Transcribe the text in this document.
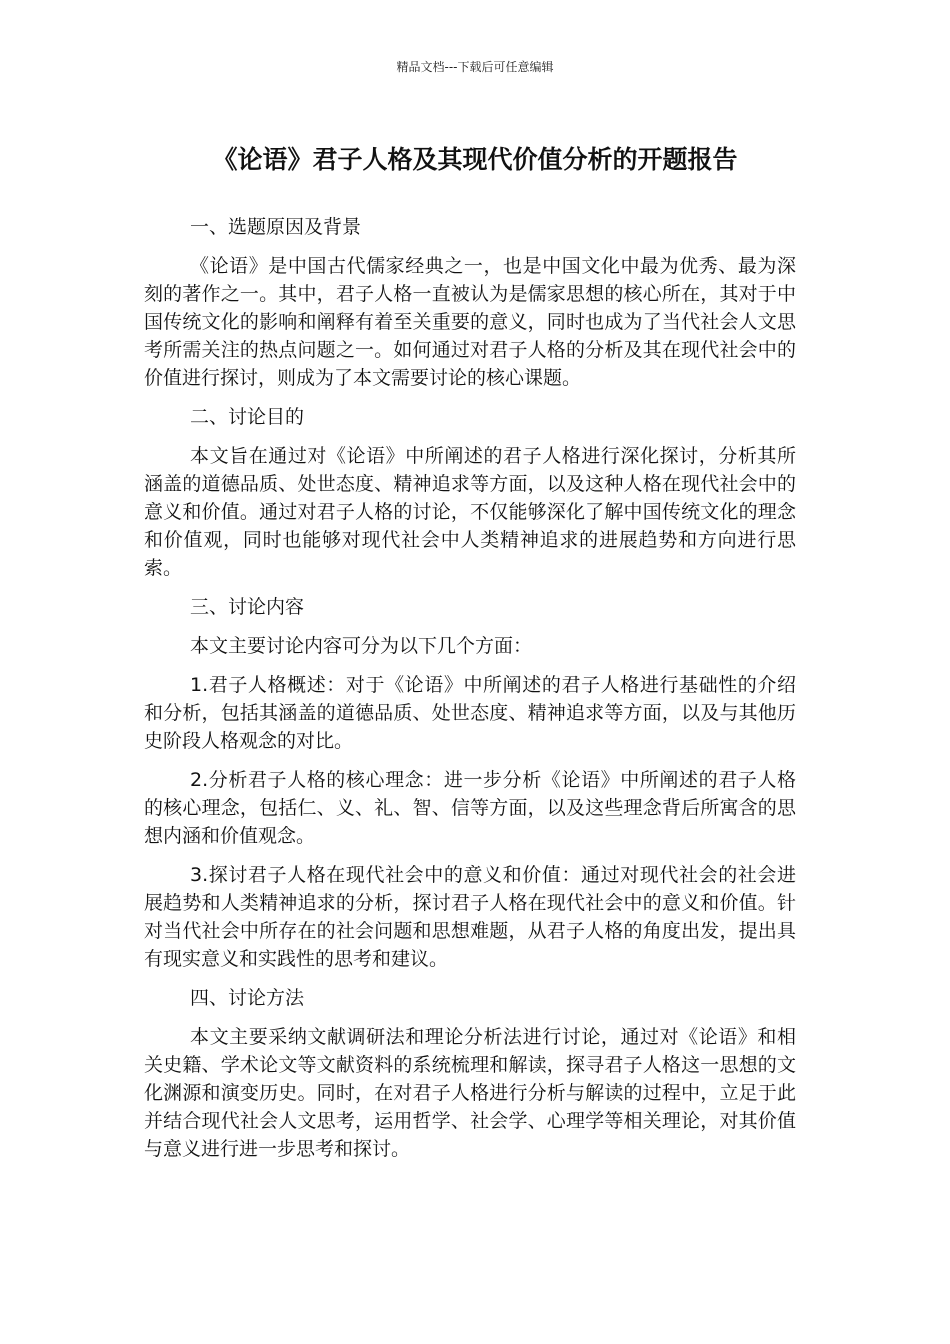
精品文档---下载后可任意编辑
《论语》君子人格及其现代价值分析的开题报告
一、选题原因及背景

《论语》是中国古代儒家经典之一，也是中国文化中最为优秀、最为深刻的著作之一。其中，君子人格一直被认为是儒家思想的核心所在，其对于中国传统文化的影响和阐释有着至关重要的意义，同时也成为了当代社会人文思考所需关注的热点问题之一。如何通过对君子人格的分析及其在现代社会中的价值进行探讨，则成为了本文需要讨论的核心课题。

二、讨论目的

本文旨在通过对《论语》中所阐述的君子人格进行深化探讨，分析其所涵盖的道德品质、处世态度、精神追求等方面，以及这种人格在现代社会中的意义和价值。通过对君子人格的讨论，不仅能够深化了解中国传统文化的理念和价值观，同时也能够对现代社会中人类精神追求的进展趋势和方向进行思索。

三、讨论内容

本文主要讨论内容可分为以下几个方面：

1.君子人格概述：对于《论语》中所阐述的君子人格进行基础性的介绍和分析，包括其涵盖的道德品质、处世态度、精神追求等方面，以及与其他历史阶段人格观念的对比。

2.分析君子人格的核心理念：进一步分析《论语》中所阐述的君子人格的核心理念，包括仁、义、礼、智、信等方面，以及这些理念背后所寓含的思想内涵和价值观念。

3.探讨君子人格在现代社会中的意义和价值：通过对现代社会的社会进展趋势和人类精神追求的分析，探讨君子人格在现代社会中的意义和价值。针对当代社会中所存在的社会问题和思想难题，从君子人格的角度出发，提出具有现实意义和实践性的思考和建议。

四、讨论方法

本文主要采纳文献调研法和理论分析法进行讨论，通过对《论语》和相关史籍、学术论文等文献资料的系统梳理和解读，探寻君子人格这一思想的文化渊源和演变历史。同时，在对君子人格进行分析与解读的过程中，立足于此并结合现代社会人文思考，运用哲学、社会学、心理学等相关理论，对其价值与意义进行进一步思考和探讨。
